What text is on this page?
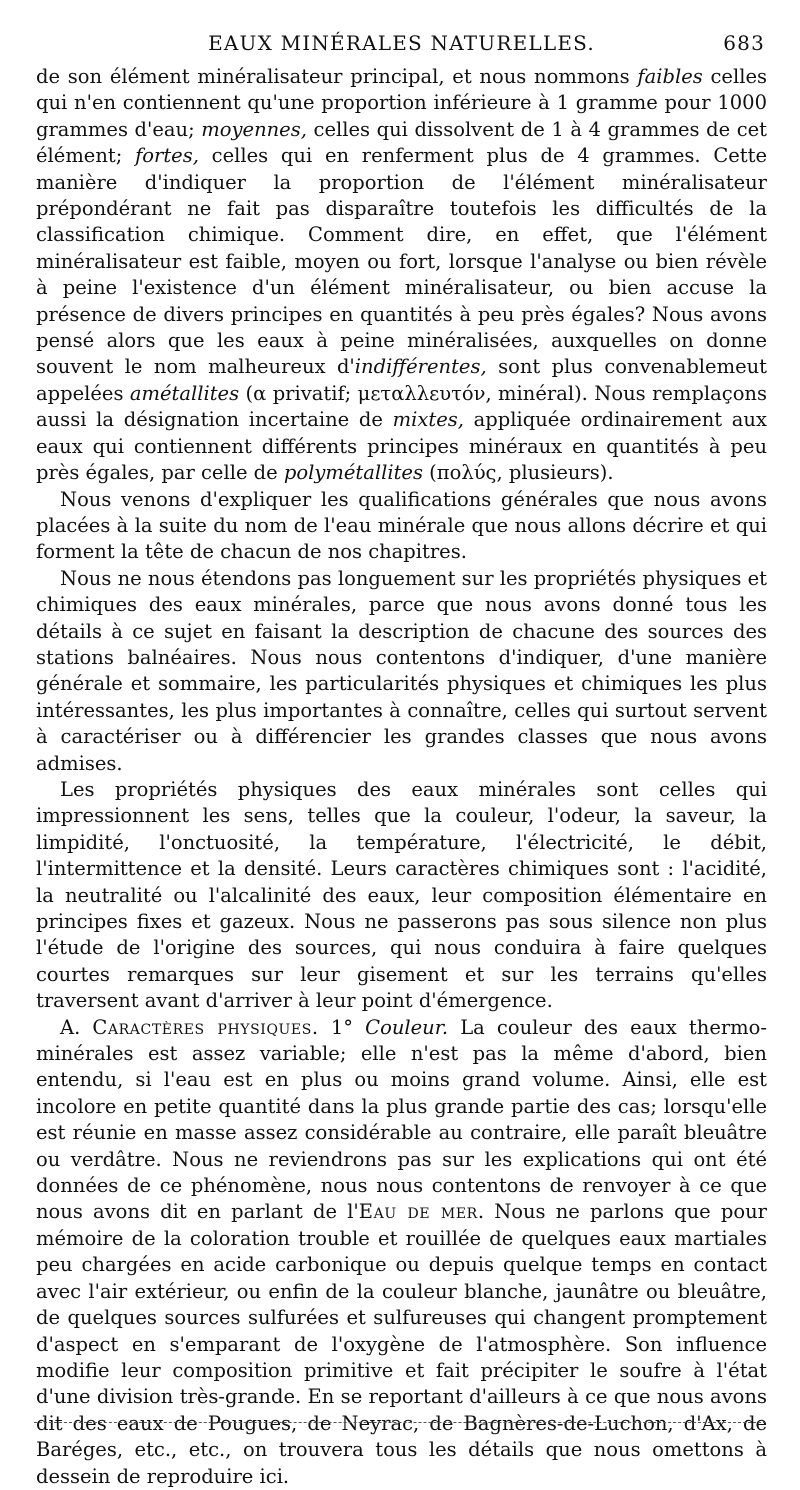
EAUX MINÉRALES NATURELLES.	683

de son élément minéralisateur principal, et nous nommons faibles celles qui n'en contiennent qu'une proportion inférieure à 1 gramme pour 1000 grammes d'eau; moyennes, celles qui dissolvent de 1 à 4 grammes de cet élément; fortes, celles qui en renferment plus de 4 grammes. Cette manière d'indiquer la proportion de l'élément minéralisateur prépondérant ne fait pas disparaître toutefois les difficultés de la classification chimique. Comment dire, en effet, que l'élément minéralisateur est faible, moyen ou fort, lorsque l'analyse ou bien révèle à peine l'existence d'un élément minéralisateur, ou bien accuse la présence de divers principes en quantités à peu près égales? Nous avons pensé alors que les eaux à peine minéralisées, auxquelles on donne souvent le nom malheureux d'indifférentes, sont plus convenablemeut appelées amétallites (α privatif; μεταλλευτόν, minéral). Nous remplaçons aussi la désignation incertaine de mixtes, appliquée ordinairement aux eaux qui contiennent différents principes minéraux en quantités à peu près égales, par celle de polymétallites (πολύς, plusieurs).

Nous venons d'expliquer les qualifications générales que nous avons placées à la suite du nom de l'eau minérale que nous allons décrire et qui forment la tête de chacun de nos chapitres.

Nous ne nous étendons pas longuement sur les propriétés physiques et chimiques des eaux minérales, parce que nous avons donné tous les détails à ce sujet en faisant la description de chacune des sources des stations balnéaires. Nous nous contentons d'indiquer, d'une manière générale et sommaire, les particularités physiques et chimiques les plus intéressantes, les plus importantes à connaître, celles qui surtout servent à caractériser ou à différencier les grandes classes que nous avons admises.

Les propriétés physiques des eaux minérales sont celles qui impressionnent les sens, telles que la couleur, l'odeur, la saveur, la limpidité, l'onctuosité, la température, l'électricité, le débit, l'intermittence et la densité. Leurs caractères chimiques sont : l'acidité, la neutralité ou l'alcalinité des eaux, leur composition élémentaire en principes fixes et gazeux. Nous ne passerons pas sous silence non plus l'étude de l'origine des sources, qui nous conduira à faire quelques courtes remarques sur leur gisement et sur les terrains qu'elles traversent avant d'arriver à leur point d'émergence.

A. Caractères physiques. 1° Couleur. La couleur des eaux thermo-minérales est assez variable; elle n'est pas la même d'abord, bien entendu, si l'eau est en plus ou moins grand volume. Ainsi, elle est incolore en petite quantité dans la plus grande partie des cas; lorsqu'elle est réunie en masse assez considérable au contraire, elle paraît bleuâtre ou verdâtre. Nous ne reviendrons pas sur les explications qui ont été données de ce phénomène, nous nous contentons de renvoyer à ce que nous avons dit en parlant de l'Eau de mer. Nous ne parlons que pour mémoire de la coloration trouble et rouillée de quelques eaux martiales peu chargées en acide carbonique ou depuis quelque temps en contact avec l'air extérieur, ou enfin de la couleur blanche, jaunâtre ou bleuâtre, de quelques sources sulfurées et sulfureuses qui changent promptement d'aspect en s'emparant de l'oxygène de l'atmosphère. Son influence modifie leur composition primitive et fait précipiter le soufre à l'état d'une division très-grande. En se reportant d'ailleurs à ce que nous avons dit des eaux de Pougues, de Neyrac, de Bagnères-de-Luchon, d'Ax, de Baréges, etc., etc., on trouvera tous les détails que nous omettons à dessein de reproduire ici.
